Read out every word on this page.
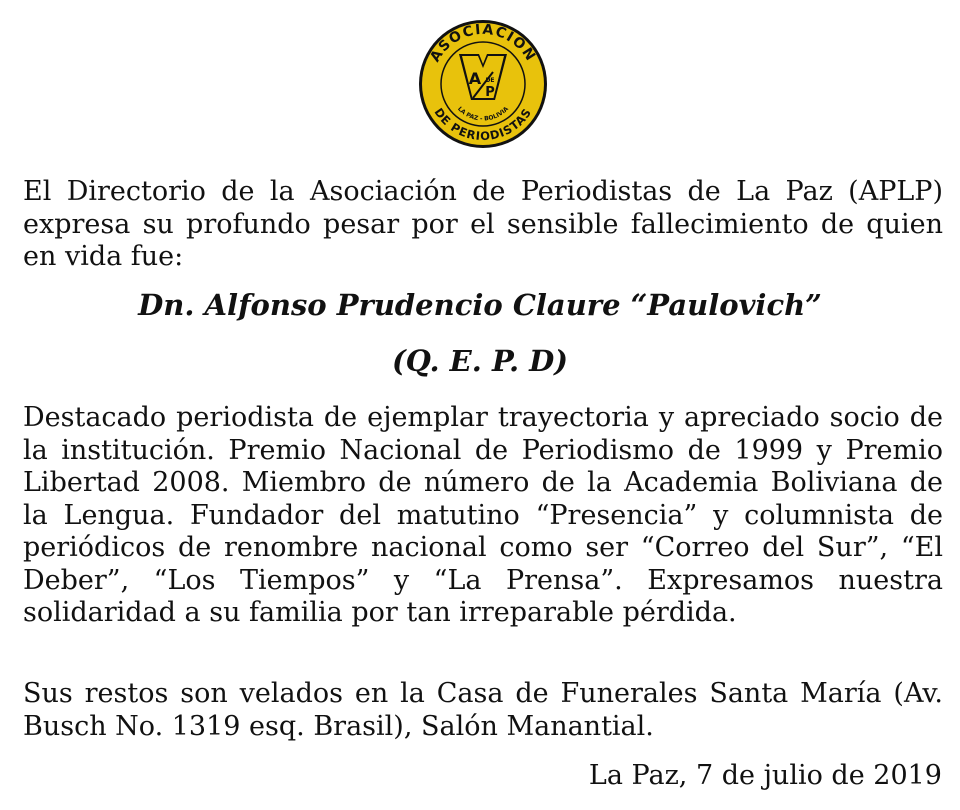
ASOCIACION
DE PERIODISTAS
LA PAZ - BOLIVIA
A DE
P

El Directorio de la Asociación de Periodistas de La Paz (APLP) expresa su profundo pesar por el sensible fallecimiento de quien en vida fue:

Dn. Alfonso Prudencio Claure “Paulovich”

(Q. E. P. D)

Destacado periodista de ejemplar trayectoria y apreciado socio de la institución. Premio Nacional de Periodismo de 1999 y Premio Libertad 2008. Miembro de número de la Academia Boliviana de la Lengua. Fundador del matutino “Presencia” y columnista de periódicos de renombre nacional como ser “Correo del Sur”, “El Deber”, “Los Tiempos” y “La Prensa”. Expresamos nuestra solidaridad a su familia por tan irreparable pérdida.

Sus restos son velados en la Casa de Funerales Santa María (Av. Busch No. 1319 esq. Brasil), Salón Manantial.

La Paz, 7 de julio de 2019
